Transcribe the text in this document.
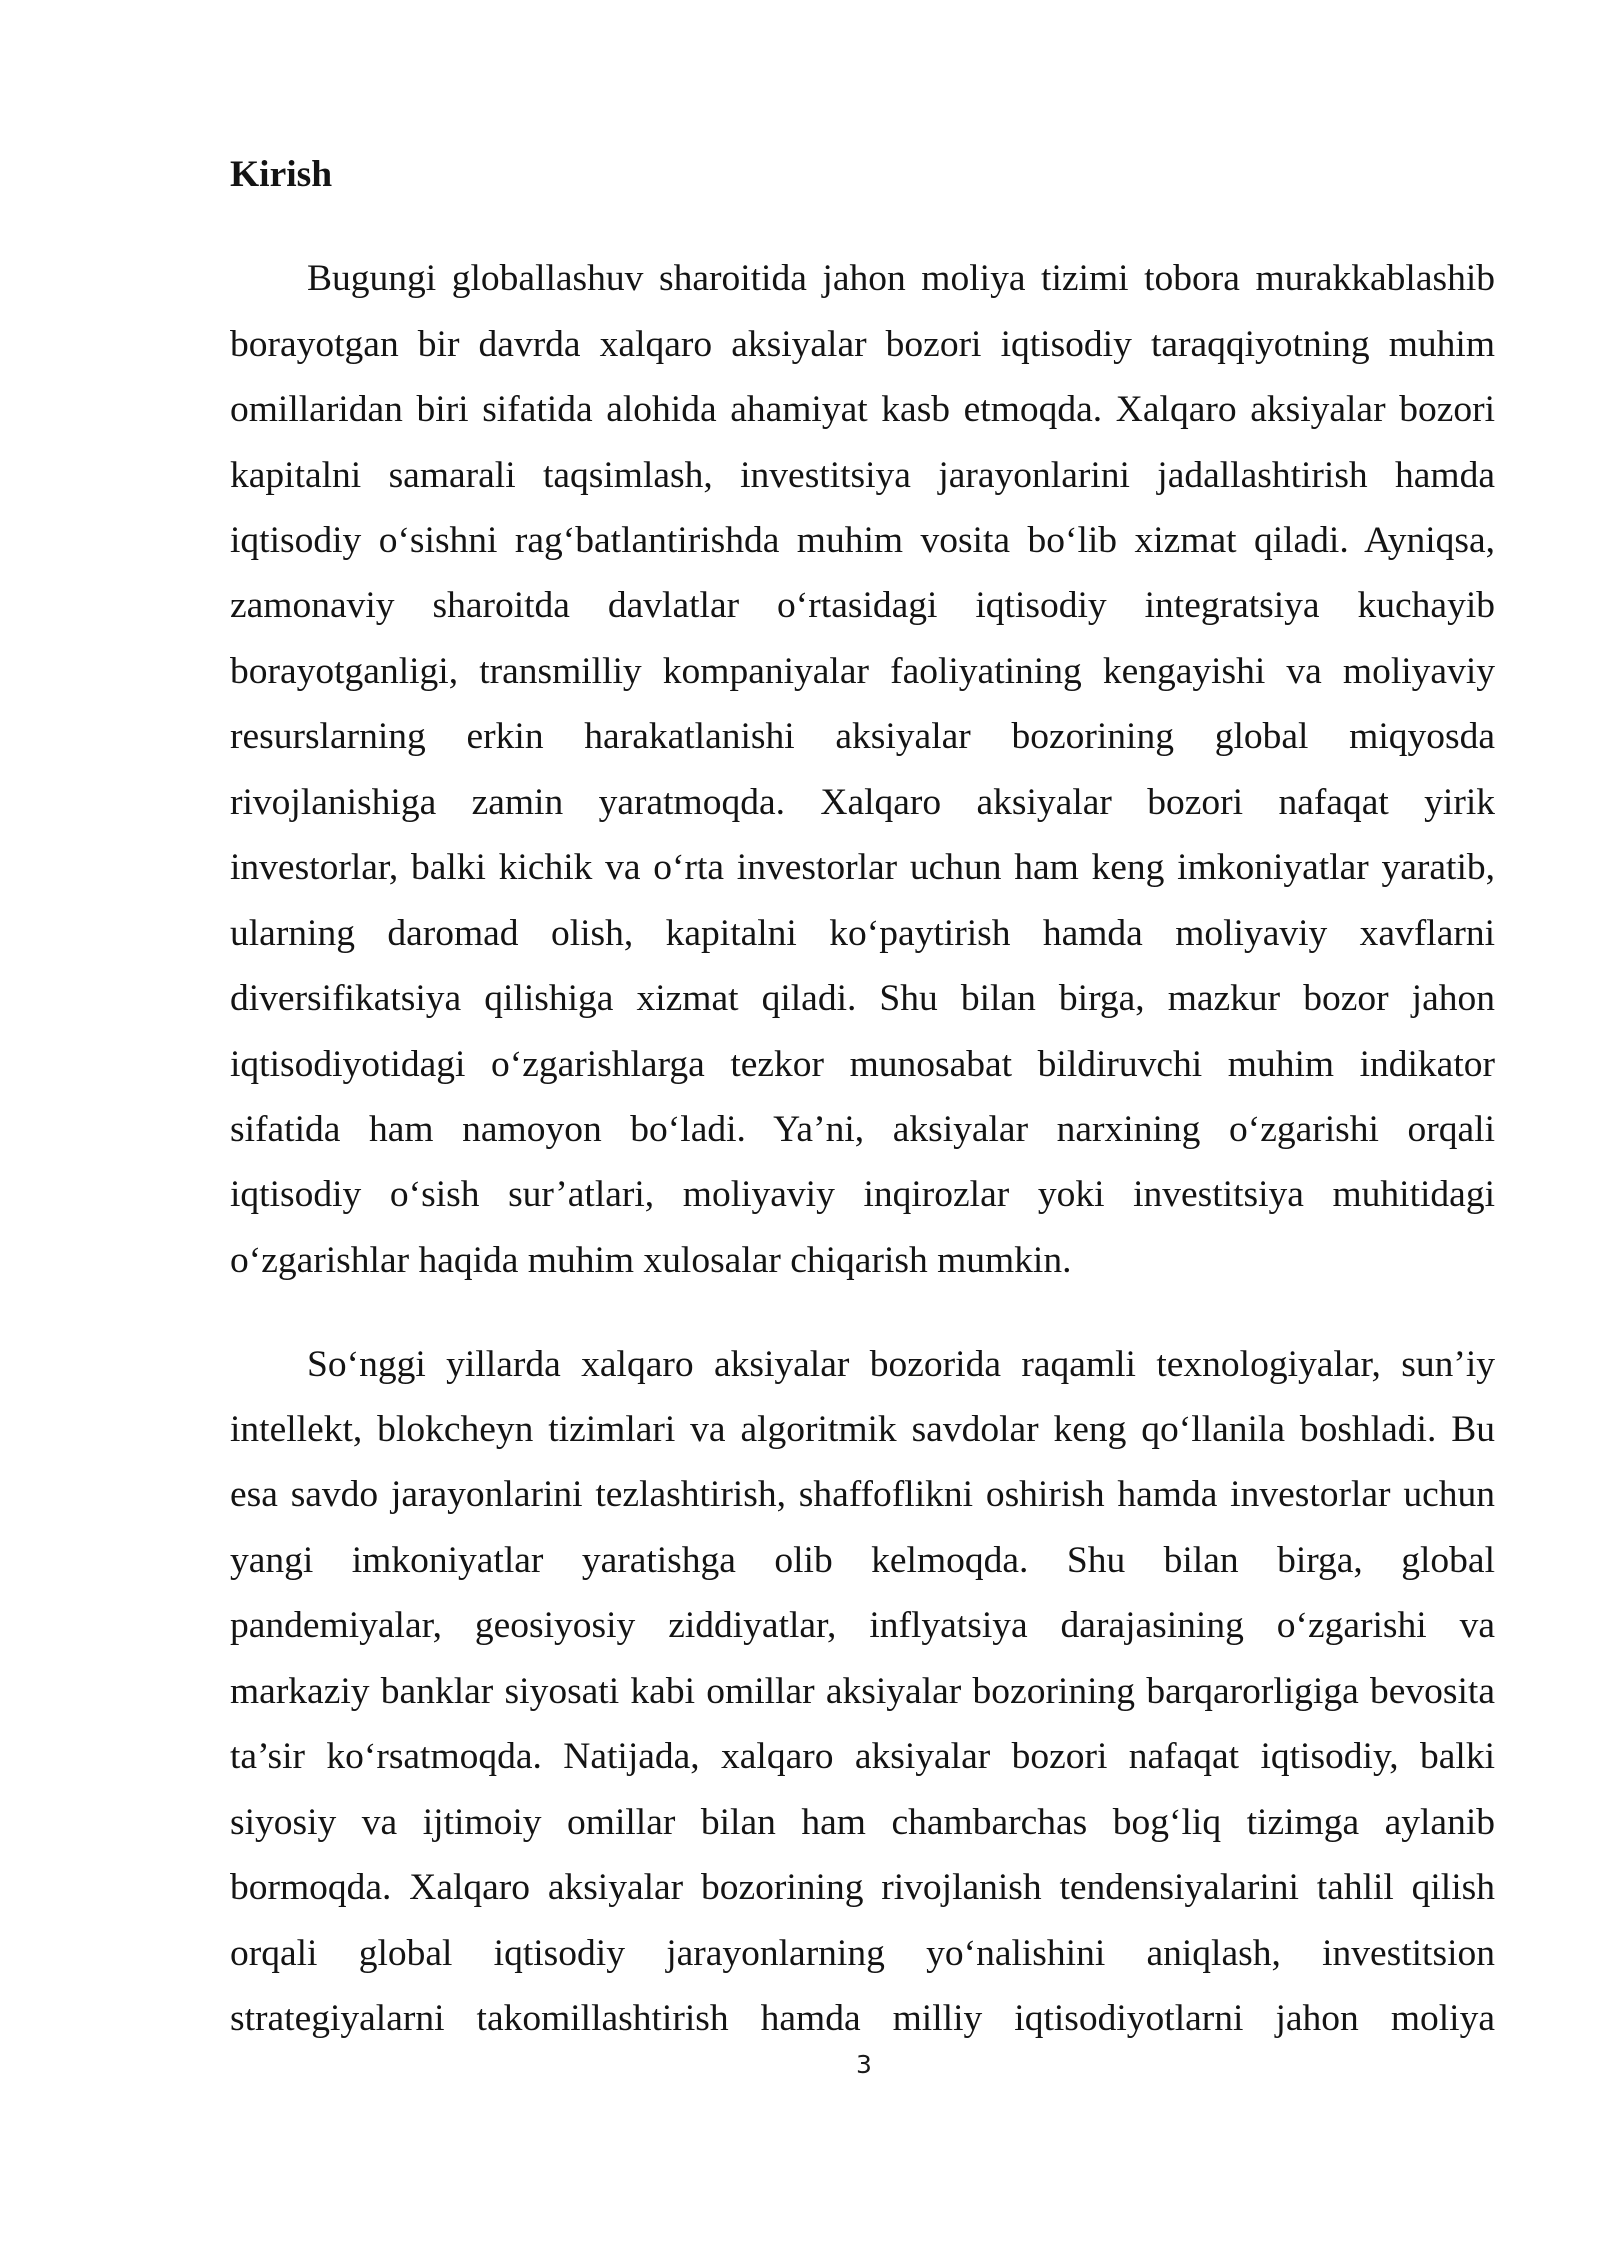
Kirish
Bugungi globallashuv sharoitida jahon moliya tizimi tobora murakkablashib
borayotgan bir davrda xalqaro aksiyalar bozori iqtisodiy taraqqiyotning muhim
omillaridan biri sifatida alohida ahamiyat kasb etmoqda. Xalqaro aksiyalar bozori
kapitalni samarali taqsimlash, investitsiya jarayonlarini jadallashtirish hamda
iqtisodiy o‘sishni rag‘batlantirishda muhim vosita bo‘lib xizmat qiladi. Ayniqsa,
zamonaviy sharoitda davlatlar o‘rtasidagi iqtisodiy integratsiya kuchayib
borayotganligi, transmilliy kompaniyalar faoliyatining kengayishi va moliyaviy
resurslarning erkin harakatlanishi aksiyalar bozorining global miqyosda
rivojlanishiga zamin yaratmoqda. Xalqaro aksiyalar bozori nafaqat yirik
investorlar, balki kichik va o‘rta investorlar uchun ham keng imkoniyatlar yaratib,
ularning daromad olish, kapitalni ko‘paytirish hamda moliyaviy xavflarni
diversifikatsiya qilishiga xizmat qiladi. Shu bilan birga, mazkur bozor jahon
iqtisodiyotidagi o‘zgarishlarga tezkor munosabat bildiruvchi muhim indikator
sifatida ham namoyon bo‘ladi. Ya’ni, aksiyalar narxining o‘zgarishi orqali
iqtisodiy o‘sish sur’atlari, moliyaviy inqirozlar yoki investitsiya muhitidagi
o‘zgarishlar haqida muhim xulosalar chiqarish mumkin.
So‘nggi yillarda xalqaro aksiyalar bozorida raqamli texnologiyalar, sun’iy
intellekt, blokcheyn tizimlari va algoritmik savdolar keng qo‘llanila boshladi. Bu
esa savdo jarayonlarini tezlashtirish, shaffoflikni oshirish hamda investorlar uchun
yangi imkoniyatlar yaratishga olib kelmoqda. Shu bilan birga, global
pandemiyalar, geosiyosiy ziddiyatlar, inflyatsiya darajasining o‘zgarishi va
markaziy banklar siyosati kabi omillar aksiyalar bozorining barqarorligiga bevosita
ta’sir ko‘rsatmoqda. Natijada, xalqaro aksiyalar bozori nafaqat iqtisodiy, balki
siyosiy va ijtimoiy omillar bilan ham chambarchas bog‘liq tizimga aylanib
bormoqda. Xalqaro aksiyalar bozorining rivojlanish tendensiyalarini tahlil qilish
orqali global iqtisodiy jarayonlarning yo‘nalishini aniqlash, investitsion
strategiyalarni takomillashtirish hamda milliy iqtisodiyotlarni jahon moliya
3
